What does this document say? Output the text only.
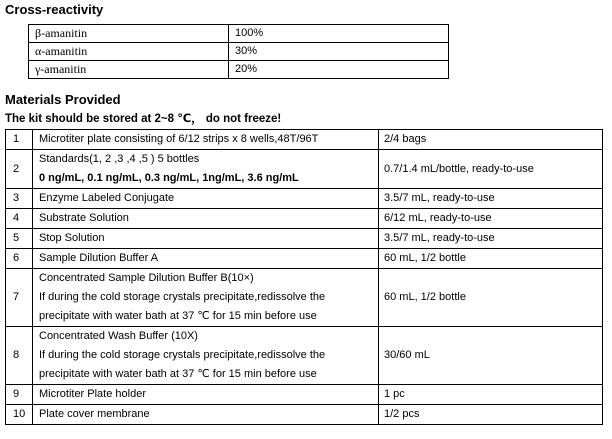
Cross-reactivity
β-amanitin	100%
α-amanitin	30%
γ-amanitin	20%
Materials Provided
The kit should be stored at 2~8 ℃， do not freeze!
1	Microtiter plate consisting of 6/12 strips x 8 wells,48T/96T	2/4 bags
2	Standards(1, 2 ,3 ,4 ,5 ) 5 bottles
0 ng/mL, 0.1 ng/mL, 0.3 ng/mL, 1ng/mL, 3.6 ng/mL	0.7/1.4 mL/bottle, ready-to-use
3	Enzyme Labeled Conjugate	3.5/7 mL, ready-to-use
4	Substrate Solution	6/12 mL, ready-to-use
5	Stop Solution	3.5/7 mL, ready-to-use
6	Sample Dilution Buffer A	60 mL, 1/2 bottle
7	Concentrated Sample Dilution Buffer B(10×)
If during the cold storage crystals precipitate,redissolve the
precipitate with water bath at 37 ℃ for 15 min before use	60 mL, 1/2 bottle
8	Concentrated Wash Buffer (10X)
If during the cold storage crystals precipitate,redissolve the
precipitate with water bath at 37 ℃ for 15 min before use	30/60 mL
9	Microtiter Plate holder	1 pc
10	Plate cover membrane	1/2 pcs
